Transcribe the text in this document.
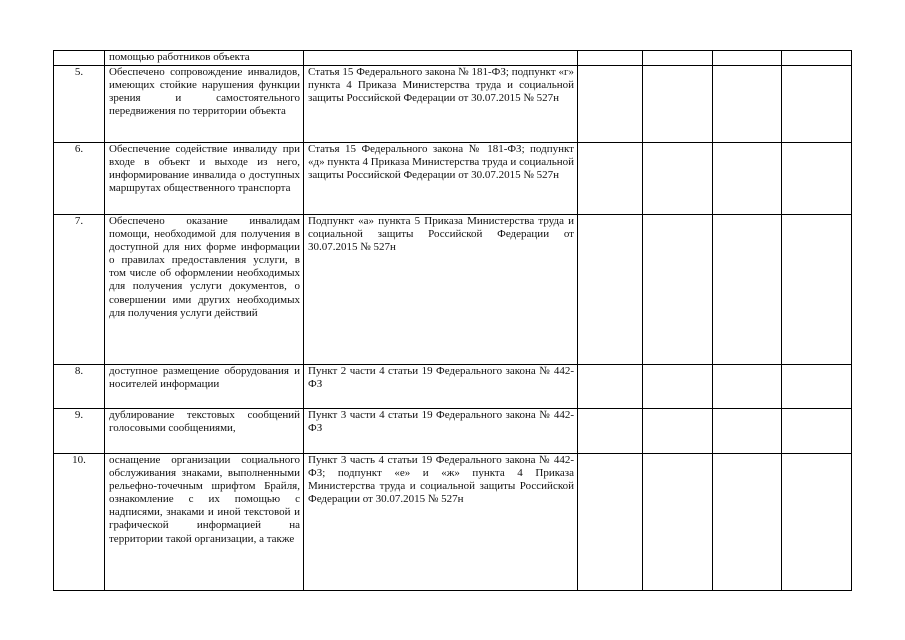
	помощью работников объекта					
5.	Обеспечено сопровождение инвалидов, имеющих стойкие нарушения функции зрения и самостоятельного передвижения по территории объекта	Статья 15 Федерального закона № 181-ФЗ; подпункт «г» пункта 4 Приказа Министерства труда и социальной защиты Российской Федерации от 30.07.2015 № 527н				
6.	Обеспечение содействие инвалиду при входе в объект и выходе из него, информирование инвалида о доступных маршрутах общественного транспорта	Статья 15 Федерального закона № 181-ФЗ; подпункт «д» пункта 4 Приказа Министерства труда и социальной защиты Российской Федерации от 30.07.2015 № 527н				
7.	Обеспечено оказание инвалидам помощи, необходимой для получения в доступной для них форме информации о правилах предоставления услуги, в том числе об оформлении необходимых для получения услуги документов, о совершении ими других необходимых для получения услуги действий	Подпункт «а» пункта 5 Приказа Министерства труда и социальной защиты Российской Федерации от 30.07.2015 № 527н				
8.	доступное размещение оборудования и носителей информации	Пункт 2 части 4 статьи 19 Федерального закона № 442-ФЗ				
9.	дублирование текстовых сообщений голосовыми сообщениями,	Пункт 3 части 4 статьи 19 Федерального закона № 442-ФЗ				
10.	оснащение организации социального обслуживания знаками, выполненными рельефно-точечным шрифтом Брайля, ознакомление с их помощью с надписями, знаками и иной текстовой и графической информацией на территории такой организации, а также	Пункт 3 часть 4 статьи 19 Федерального закона № 442-ФЗ; подпункт «е» и «ж» пункта 4 Приказа Министерства труда и социальной защиты Российской Федерации от 30.07.2015 № 527н				
